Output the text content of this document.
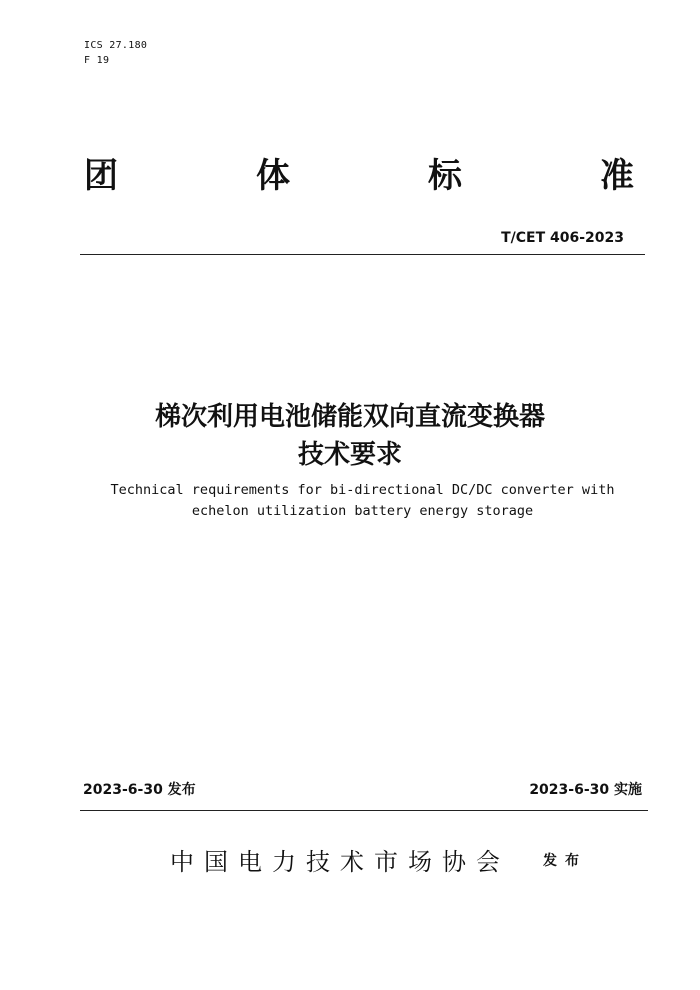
ICS 27.180
F 19
团	体	标	准
T/CET 406-2023
梯次利用电池储能双向直流变换器
技术要求
Technical requirements for bi-directional DC/DC converter with
echelon utilization battery energy storage
2023-6-30 发布	2023-6-30 实施
中国电力技术市场协会 发布
